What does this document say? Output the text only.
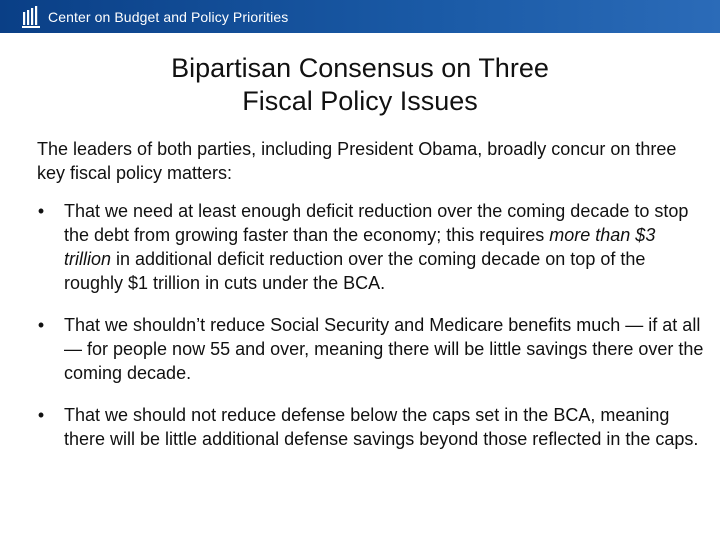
Center on Budget and Policy Priorities
Bipartisan Consensus on Three
Fiscal Policy Issues

The leaders of both parties, including President Obama, broadly concur on three key fiscal policy matters:

• That we need at least enough deficit reduction over the coming decade to stop the debt from growing faster than the economy; this requires more than $3 trillion in additional deficit reduction over the coming decade on top of the roughly $1 trillion in cuts under the BCA.
• That we shouldn’t reduce Social Security and Medicare benefits much — if at all — for people now 55 and over, meaning there will be little savings there over the coming decade.
• That we should not reduce defense below the caps set in the BCA, meaning there will be little additional defense savings beyond those reflected in the caps.
